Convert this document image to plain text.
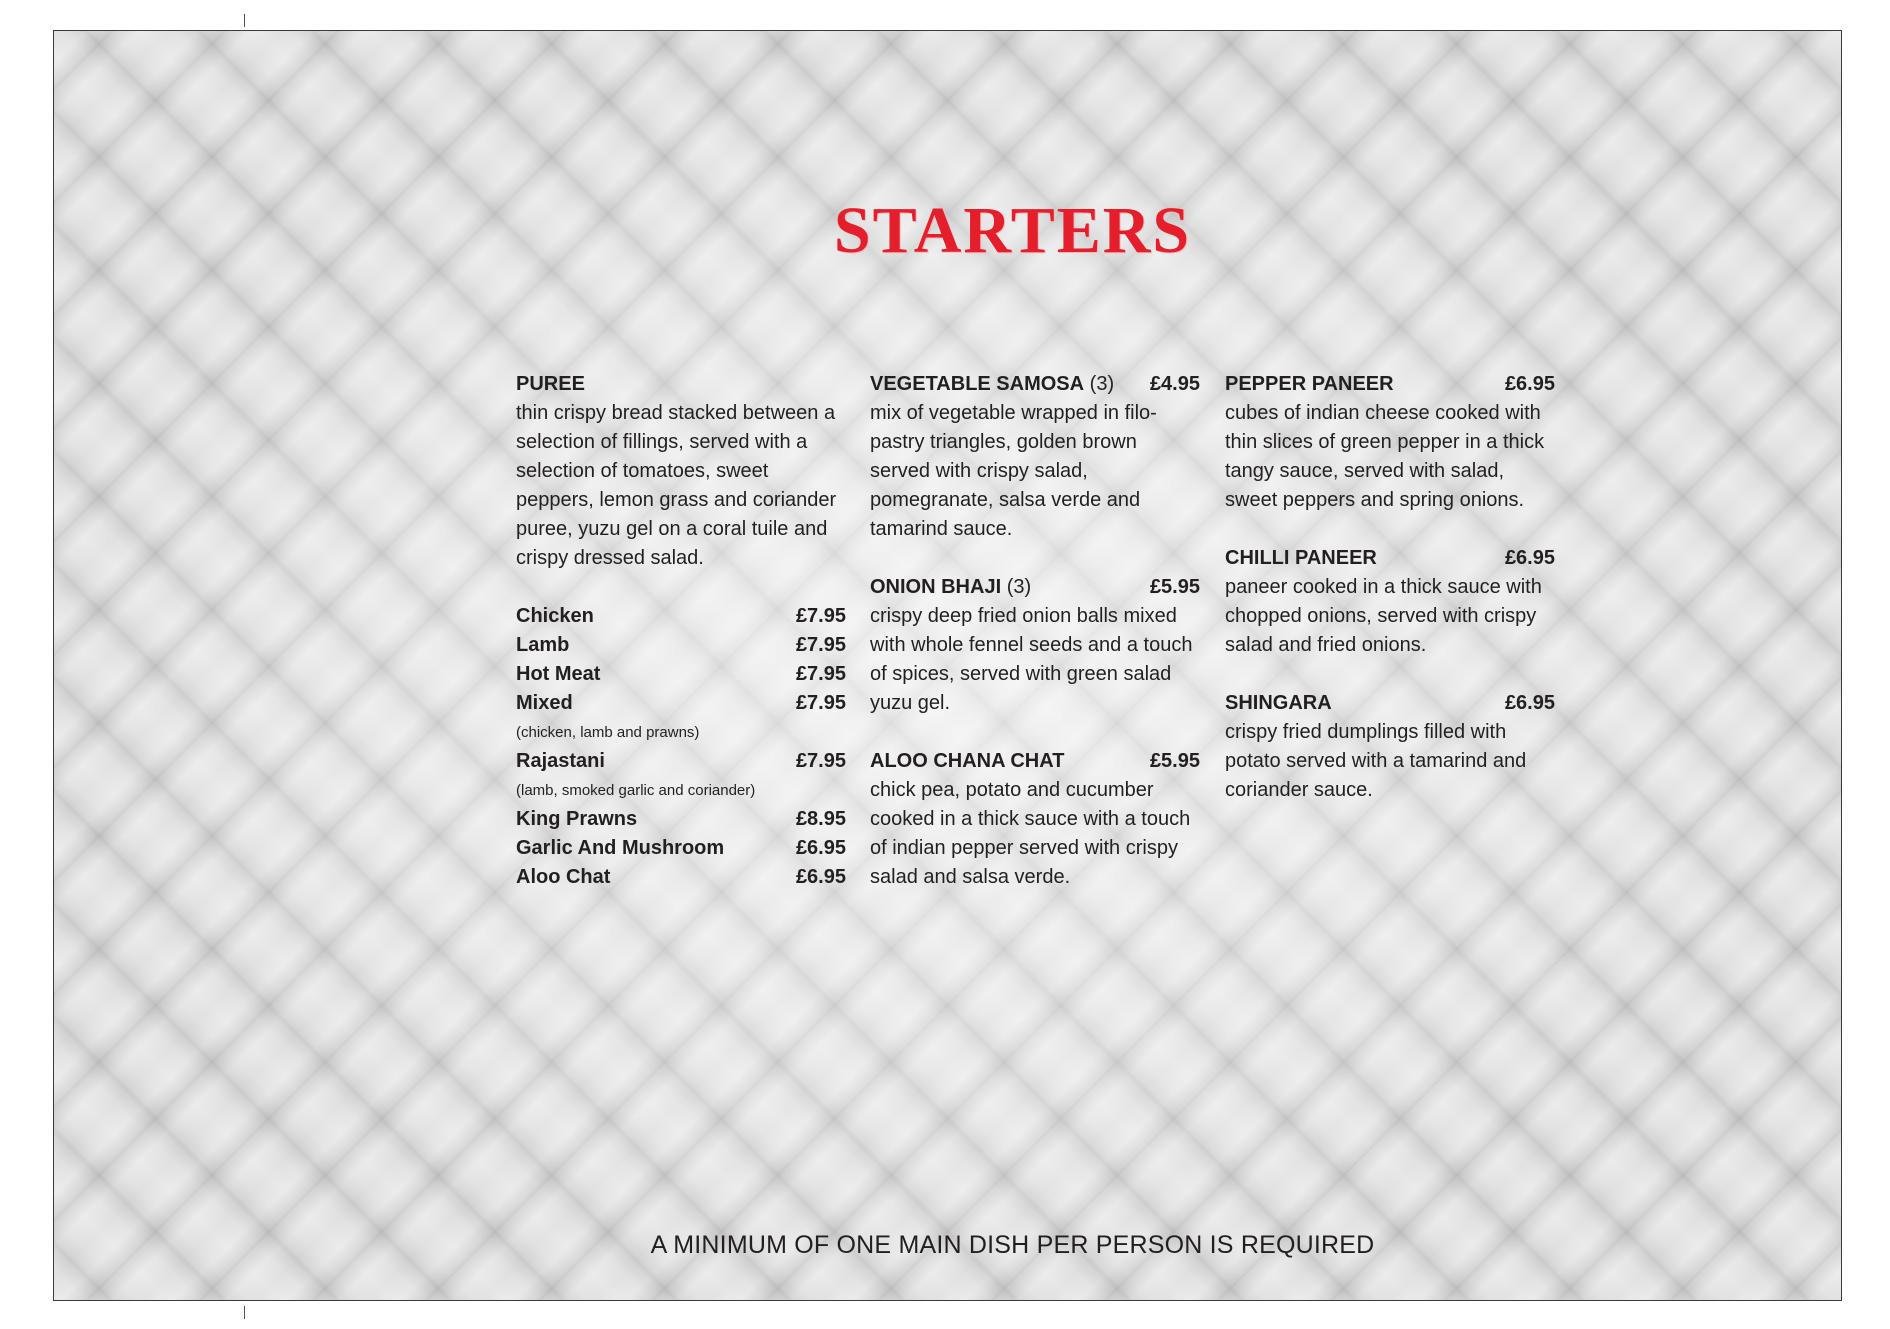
STARTERS
PUREE

thin crispy bread stacked between a selection of fillings, served with a selection of tomatoes, sweet peppers, lemon grass and coriander puree, yuzu gel on a coral tuile and crispy dressed salad.

Chicken	£7.95
Lamb	£7.95
Hot Meat	£7.95
Mixed	£7.95
(chicken, lamb and prawns)
Rajastani	£7.95
(lamb, smoked garlic and coriander)
King Prawns	£8.95
Garlic And Mushroom	£6.95
Aloo Chat	£6.95
VEGETABLE SAMOSA (3) £4.95

mix of vegetable wrapped in filo-pastry triangles, golden brown served with crispy salad, pomegranate, salsa verde and tamarind sauce.

ONION BHAJI (3)	£5.95

crispy deep fried onion balls mixed with whole fennel seeds and a touch of spices, served with green salad yuzu gel.

ALOO CHANA CHAT	£5.95

chick pea, potato and cucumber cooked in a thick sauce with a touch of indian pepper served with crispy salad and salsa verde.

PEPPER PANEER	£6.95

cubes of indian cheese cooked with thin slices of green pepper in a thick tangy sauce, served with salad, sweet peppers and spring onions.

CHILLI PANEER	£6.95

paneer cooked in a thick sauce with chopped onions, served with crispy salad and fried onions.

SHINGARA	£6.95

crispy fried dumplings filled with potato served with a tamarind and coriander sauce.

A MINIMUM OF ONE MAIN DISH PER PERSON IS REQUIRED
